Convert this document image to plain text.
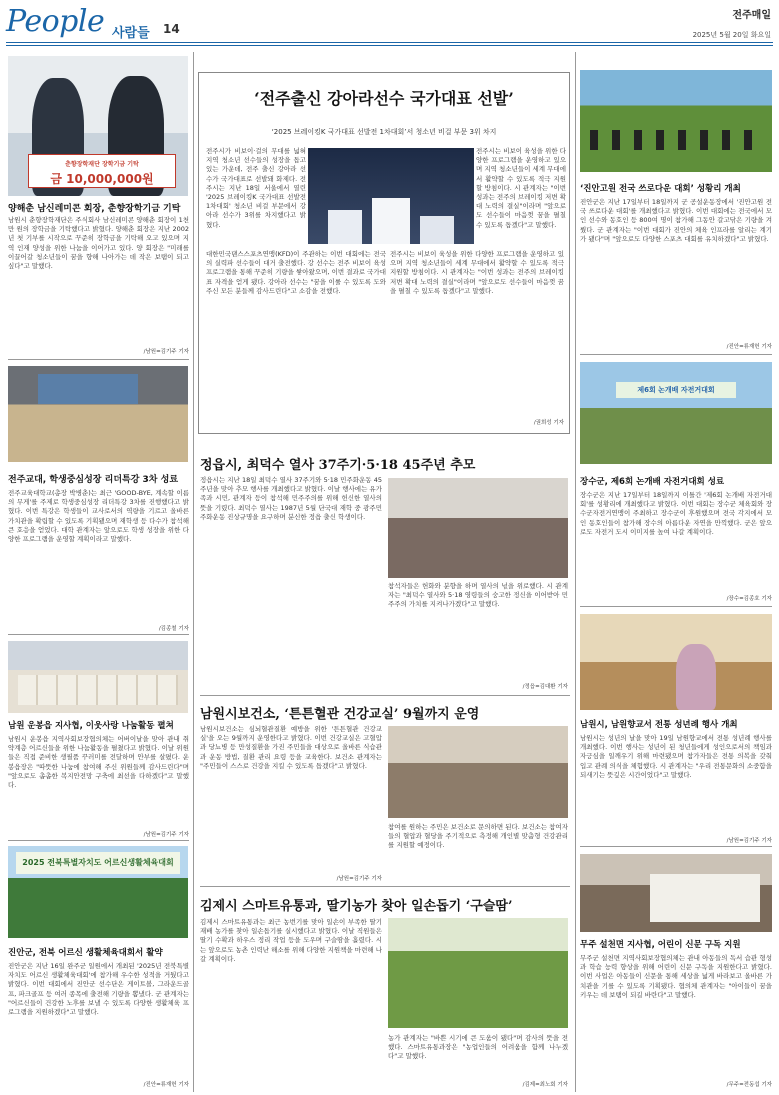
People 사람들 14
전주매일
2025년 5월 20일 화요일
춘향장학재단 장학기금 기탁
금 10,000,000원
양해춘 남신레미콘 회장, 춘향장학기금 기탁
남원시 춘향장학재단은 주식회사 남신레미콘 양해춘 회장이 1천만 원의 장학금을 기탁했다고 밝혔다. 양해춘 회장은 지난 2002년 첫 기부를 시작으로 꾸준히 장학금을 기탁해 오고 있으며 지역 인재 양성을 위한 나눔을 이어가고 있다. 양 회장은 "미래를 이끌어갈 청소년들이 꿈을 향해 나아가는 데 작은 보탬이 되고 싶다"고 말했다.
/남원=김기주 기자
전주교대, 학생중심성장 리더특강 3차 성료
전주교육대학교(총장 박병춘)는 최근 'GOOD-BYE, 계속할 이름의 무게'를 주제로 학생중심성장 리더특강 3차를 진행했다고 밝혔다. 이번 특강은 학생들이 교사로서의 역량을 기르고 올바른 가치관을 확립할 수 있도록 기획됐으며 재학생 등 다수가 참석해 큰 호응을 얻었다. 대학 관계자는 앞으로도 학생 성장을 위한 다양한 프로그램을 운영할 계획이라고 말했다.
/김종철 기자
남원 운봉읍 지사협, 이웃사랑 나눔활동 펼쳐
남원시 운봉읍 지역사회보장협의체는 어버이날을 맞아 관내 취약계층 어르신들을 위한 나눔활동을 펼쳤다고 밝혔다. 이날 위원들은 직접 준비한 생필품 꾸러미를 전달하며 안부를 살폈다. 운봉읍장은 "따뜻한 나눔에 참여해 주신 위원들께 감사드린다"며 "앞으로도 촘촘한 복지안전망 구축에 최선을 다하겠다"고 말했다.
/남원=김기주 기자
2025 전북특별자치도 어르신생활체육대회
진안군, 전북 어르신 생활체육대회서 활약
진안군은 지난 16일 완주군 일원에서 개최된 '2025년 전북특별자치도 어르신 생활체육대회'에 참가해 우수한 성적을 거뒀다고 밝혔다. 이번 대회에서 진안군 선수단은 게이트볼, 그라운드골프, 파크골프 등 여러 종목에 출전해 기량을 뽐냈다. 군 관계자는 "어르신들이 건강한 노후를 보낼 수 있도록 다양한 생활체육 프로그램을 지원하겠다"고 말했다.
/진안=류재헌 기자
‘전주출신 강아라선수 국가대표 선발’
‘2025 브레이킹K 국가대표 선발전 1차대회’서 청소년 비걸 부문 3위 차지
전주시가 비보이·걸의 무대를 넓혀 지역 청소년 선수들의 성장을 돕고 있는 가운데, 전주 출신 강아라 선수가 국가대표로 선발돼 화제다. 전주시는 지난 18일 서울에서 열린 '2025 브레이킹K 국가대표 선발전 1차대회' 청소년 비걸 부문에서 강아라 선수가 3위를 차지했다고 밝혔다.
전주시는 비보이 육성을 위한 다양한 프로그램을 운영하고 있으며 지역 청소년들이 세계 무대에서 활약할 수 있도록 적극 지원할 방침이다. 시 관계자는 "이번 성과는 전주의 브레이킹 저변 확대 노력의 결실"이라며 "앞으로도 선수들이 마음껏 꿈을 펼칠 수 있도록 돕겠다"고 말했다.
대한민국댄스스포츠연맹(KFD)이 주관하는 이번 대회에는 전국의 실력파 선수들이 대거 출전했다. 강 선수는 전주 비보이 육성 프로그램을 통해 꾸준히 기량을 쌓아왔으며, 이번 결과로 국가대표 자격을 얻게 됐다. 강아라 선수는 "꿈을 이룰 수 있도록 도와주신 모든 분들께 감사드린다"고 소감을 전했다.
전주시는 비보이 육성을 위한 다양한 프로그램을 운영하고 있으며 지역 청소년들이 세계 무대에서 활약할 수 있도록 적극 지원할 방침이다. 시 관계자는 "이번 성과는 전주의 브레이킹 저변 확대 노력의 결실"이라며 "앞으로도 선수들이 마음껏 꿈을 펼칠 수 있도록 돕겠다"고 말했다.
/권희성 기자
정읍시, 최덕수 열사 37주기·5·18 45주년 추모
정읍시는 지난 18일 최덕수 열사 37주기와 5·18 민주화운동 45주년을 맞아 추모 행사를 개최했다고 밝혔다. 이날 행사에는 유가족과 시민, 관계자 등이 참석해 민주주의를 위해 헌신한 열사의 뜻을 기렸다. 최덕수 열사는 1987년 5월 단국대 재학 중 광주민주화운동 진상규명을 요구하며 분신한 정읍 출신 학생이다.
참석자들은 헌화와 분향을 하며 열사의 넋을 위로했다. 시 관계자는 "최덕수 열사와 5·18 영령들의 숭고한 정신을 이어받아 민주주의 가치를 지켜나가겠다"고 말했다.
/정읍=김대환 기자
남원시보건소, ‘튼튼혈관 건강교실’ 9월까지 운영
남원시보건소는 심뇌혈관질환 예방을 위한 '튼튼혈관 건강교실'을 오는 9월까지 운영한다고 밝혔다. 이번 건강교실은 고혈압과 당뇨병 등 만성질환을 가진 주민들을 대상으로 올바른 식습관과 운동 방법, 질환 관리 요령 등을 교육한다. 보건소 관계자는 "주민들이 스스로 건강을 지킬 수 있도록 돕겠다"고 밝혔다.
참여를 원하는 주민은 보건소로 문의하면 된다. 보건소는 참여자들의 혈압과 혈당을 주기적으로 측정해 개인별 맞춤형 건강관리를 지원할 예정이다.
/남원=김기주 기자
김제시 스마트유통과, 딸기농가 찾아 일손돕기 ‘구슬땀’
김제시 스마트유통과는 최근 농번기를 맞아 일손이 부족한 딸기 재배 농가를 찾아 일손돕기를 실시했다고 밝혔다. 이날 직원들은 딸기 수확과 하우스 정리 작업 등을 도우며 구슬땀을 흘렸다. 시는 앞으로도 농촌 인력난 해소를 위해 다양한 지원책을 마련해 나갈 계획이다.
농가 관계자는 "바쁜 시기에 큰 도움이 됐다"며 감사의 뜻을 전했다. 스마트유통과장은 "농업인들의 어려움을 함께 나누겠다"고 말했다.
/김제=최노회 기자
‘진안고원 전국 쓰로다운 대회’ 성황리 개최
진안군은 지난 17일부터 18일까지 군 공설운동장에서 '진안고원 전국 쓰로다운 대회'를 개최했다고 밝혔다. 이번 대회에는 전국에서 모인 선수와 동호인 등 800여 명이 참가해 그동안 갈고닦은 기량을 겨뤘다. 군 관계자는 "이번 대회가 진안의 체육 인프라를 알리는 계기가 됐다"며 "앞으로도 다양한 스포츠 대회를 유치하겠다"고 밝혔다.
/진안=류재헌 기자
제6회 논개배 자전거대회
장수군, 제6회 논개배 자전거대회 성료
장수군은 지난 17일부터 18일까지 이틀간 '제6회 논개배 자전거대회'를 성황리에 개최했다고 밝혔다. 이번 대회는 장수군 체육회와 장수군자전거연맹이 주최하고 장수군이 후원했으며 전국 각지에서 모인 동호인들이 참가해 장수의 아름다운 자연을 만끽했다. 군은 앞으로도 자전거 도시 이미지를 높여 나갈 계획이다.
/장수=김종호 기자
남원시, 남원향교서 전통 성년례 행사 개최
남원시는 성년의 날을 맞아 19일 남원향교에서 전통 성년례 행사를 개최했다. 이번 행사는 성년이 된 청년들에게 성인으로서의 책임과 자긍심을 일깨우기 위해 마련됐으며 참가자들은 전통 의복을 갖춰 입고 관례 의식을 체험했다. 시 관계자는 "우리 전통문화의 소중함을 되새기는 뜻깊은 시간이었다"고 말했다.
/남원=김기주 기자
무주 설천면 지사협, 어린이 신문 구독 지원
무주군 설천면 지역사회보장협의체는 관내 아동들의 독서 습관 형성과 학습 능력 향상을 위해 어린이 신문 구독을 지원한다고 밝혔다. 이번 사업은 아동들이 신문을 통해 세상을 넓게 바라보고 올바른 가치관을 기를 수 있도록 기획됐다. 협의체 관계자는 "아이들이 꿈을 키우는 데 보탬이 되길 바란다"고 말했다.
/무주=전동섭 기자
